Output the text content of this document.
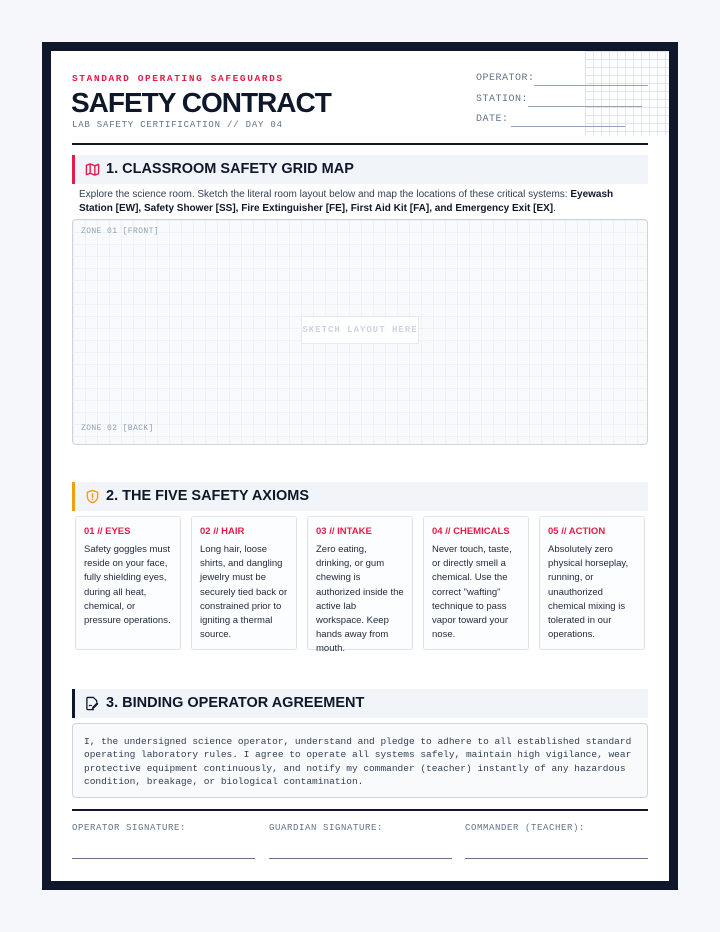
STANDARD OPERATING SAFEGUARDS
SAFETY CONTRACT
LAB SAFETY CERTIFICATION // DAY 04
OPERATOR:
STATION:
DATE:
1. CLASSROOM SAFETY GRID MAP
Explore the science room. Sketch the literal room layout below and map the locations of these critical systems: Eyewash Station [EW], Safety Shower [SS], Fire Extinguisher [FE], First Aid Kit [FA], and Emergency Exit [EX].
ZONE 01 [FRONT]
SKETCH LAYOUT HERE
ZONE 02 [BACK]
2. THE FIVE SAFETY AXIOMS
01 // EYES
Safety goggles must reside on your face, fully shielding eyes, during all heat, chemical, or pressure operations.
02 // HAIR
Long hair, loose shirts, and dangling jewelry must be securely tied back or constrained prior to igniting a thermal source.
03 // INTAKE
Zero eating, drinking, or gum chewing is authorized inside the active lab workspace. Keep hands away from mouth.
04 // CHEMICALS
Never touch, taste, or directly smell a chemical. Use the correct "wafting" technique to pass vapor toward your nose.
05 // ACTION
Absolutely zero physical horseplay, running, or unauthorized chemical mixing is tolerated in our operations.
3. BINDING OPERATOR AGREEMENT
I, the undersigned science operator, understand and pledge to adhere to all established standard operating laboratory rules. I agree to operate all systems safely, maintain high vigilance, wear protective equipment continuously, and notify my commander (teacher) instantly of any hazardous condition, breakage, or biological contamination.
OPERATOR SIGNATURE:	GUARDIAN SIGNATURE:	COMMANDER (TEACHER):
